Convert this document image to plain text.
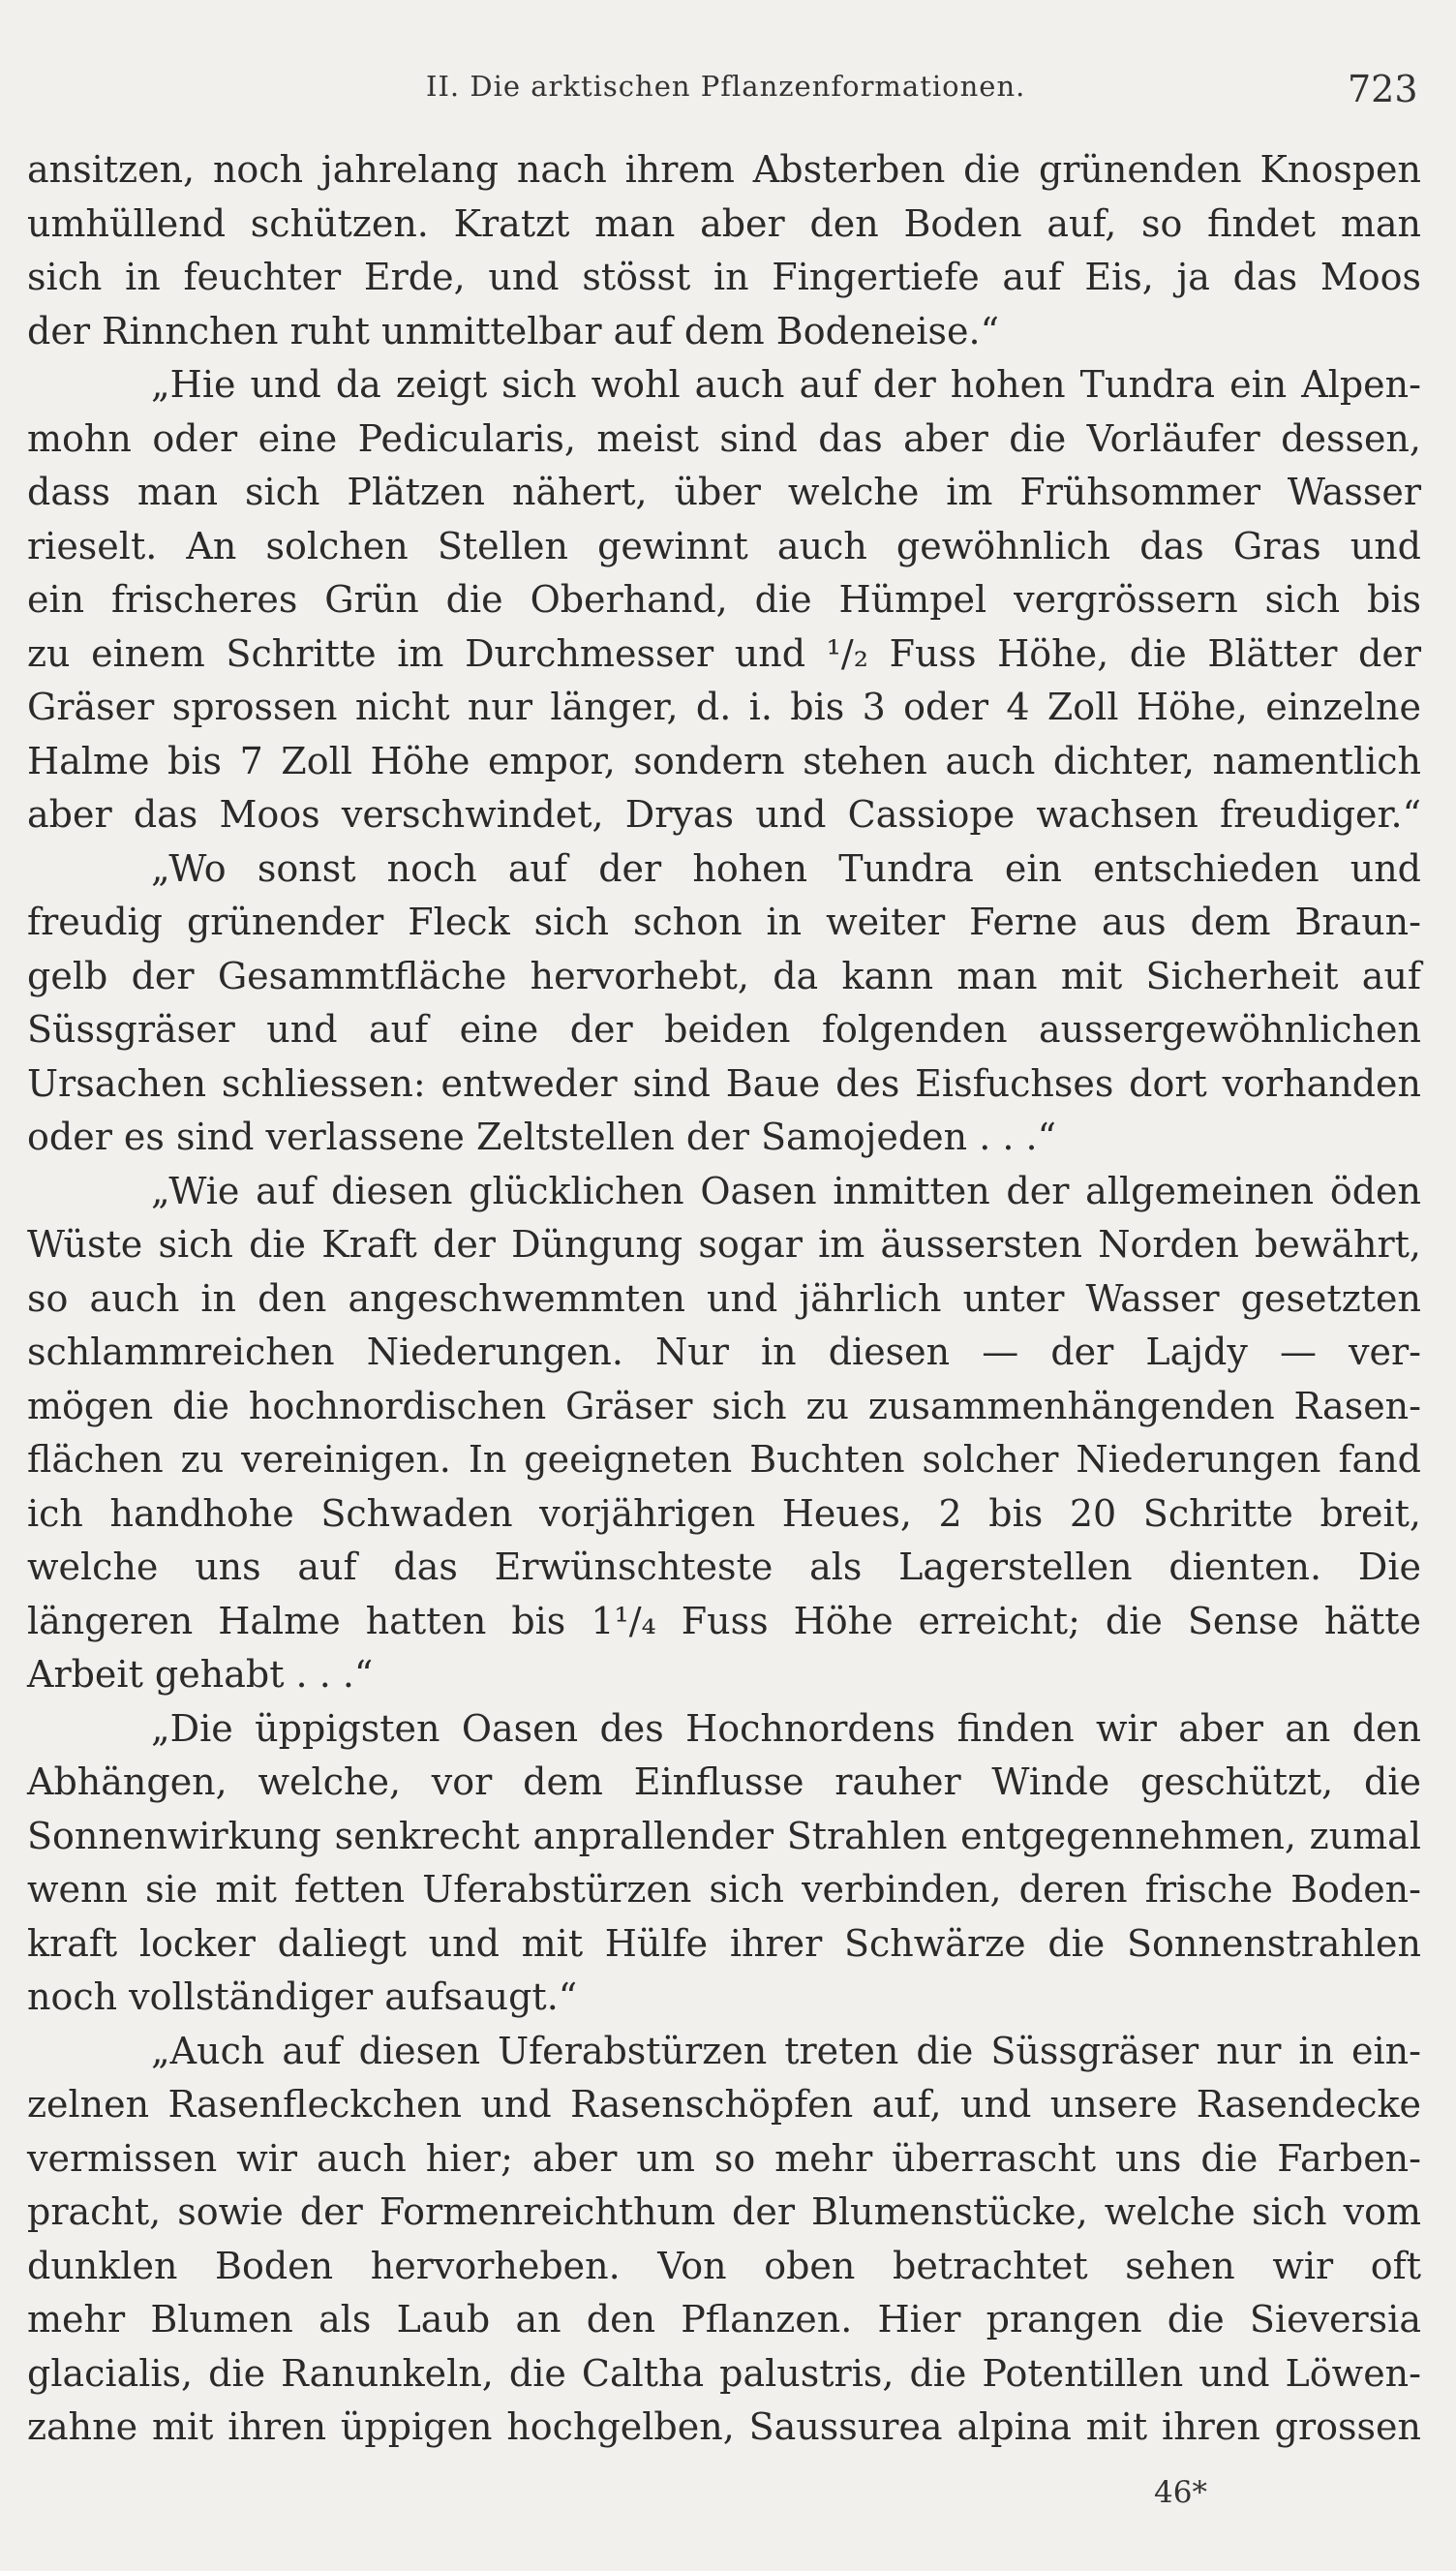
II. Die arktischen Pflanzenformationen.	723
ansitzen, noch jahrelang nach ihrem Absterben die grünenden Knospen
umhüllend schützen. Kratzt man aber den Boden auf, so findet man
sich in feuchter Erde, und stösst in Fingertiefe auf Eis, ja das Moos
der Rinnchen ruht unmittelbar auf dem Bodeneise.“
„Hie und da zeigt sich wohl auch auf der hohen Tundra ein Alpen-
mohn oder eine Pedicularis, meist sind das aber die Vorläufer dessen,
dass man sich Plätzen nähert, über welche im Frühsommer Wasser
rieselt. An solchen Stellen gewinnt auch gewöhnlich das Gras und
ein frischeres Grün die Oberhand, die Hümpel vergrössern sich bis
zu einem Schritte im Durchmesser und ¹/₂ Fuss Höhe, die Blätter der
Gräser sprossen nicht nur länger, d. i. bis 3 oder 4 Zoll Höhe, einzelne
Halme bis 7 Zoll Höhe empor, sondern stehen auch dichter, namentlich
aber das Moos verschwindet, Dryas und Cassiope wachsen freudiger.“
„Wo sonst noch auf der hohen Tundra ein entschieden und
freudig grünender Fleck sich schon in weiter Ferne aus dem Braun-
gelb der Gesammtfläche hervorhebt, da kann man mit Sicherheit auf
Süssgräser und auf eine der beiden folgenden aussergewöhnlichen
Ursachen schliessen: entweder sind Baue des Eisfuchses dort vorhanden
oder es sind verlassene Zeltstellen der Samojeden . . .“
„Wie auf diesen glücklichen Oasen inmitten der allgemeinen öden
Wüste sich die Kraft der Düngung sogar im äussersten Norden bewährt,
so auch in den angeschwemmten und jährlich unter Wasser gesetzten
schlammreichen Niederungen. Nur in diesen — der Lajdy — ver-
mögen die hochnordischen Gräser sich zu zusammenhängenden Rasen-
flächen zu vereinigen. In geeigneten Buchten solcher Niederungen fand
ich handhohe Schwaden vorjährigen Heues, 2 bis 20 Schritte breit,
welche uns auf das Erwünschteste als Lagerstellen dienten. Die
längeren Halme hatten bis 1¹/₄ Fuss Höhe erreicht; die Sense hätte
Arbeit gehabt . . .“
„Die üppigsten Oasen des Hochnordens finden wir aber an den
Abhängen, welche, vor dem Einflusse rauher Winde geschützt, die
Sonnenwirkung senkrecht anprallender Strahlen entgegennehmen, zumal
wenn sie mit fetten Uferabstürzen sich verbinden, deren frische Boden-
kraft locker daliegt und mit Hülfe ihrer Schwärze die Sonnenstrahlen
noch vollständiger aufsaugt.“
„Auch auf diesen Uferabstürzen treten die Süssgräser nur in ein-
zelnen Rasenfleckchen und Rasenschöpfen auf, und unsere Rasendecke
vermissen wir auch hier; aber um so mehr überrascht uns die Farben-
pracht, sowie der Formenreichthum der Blumenstücke, welche sich vom
dunklen Boden hervorheben. Von oben betrachtet sehen wir oft
mehr Blumen als Laub an den Pflanzen. Hier prangen die Sieversia
glacialis, die Ranunkeln, die Caltha palustris, die Potentillen und Löwen-
zahne mit ihren üppigen hochgelben, Saussurea alpina mit ihren grossen
46*
